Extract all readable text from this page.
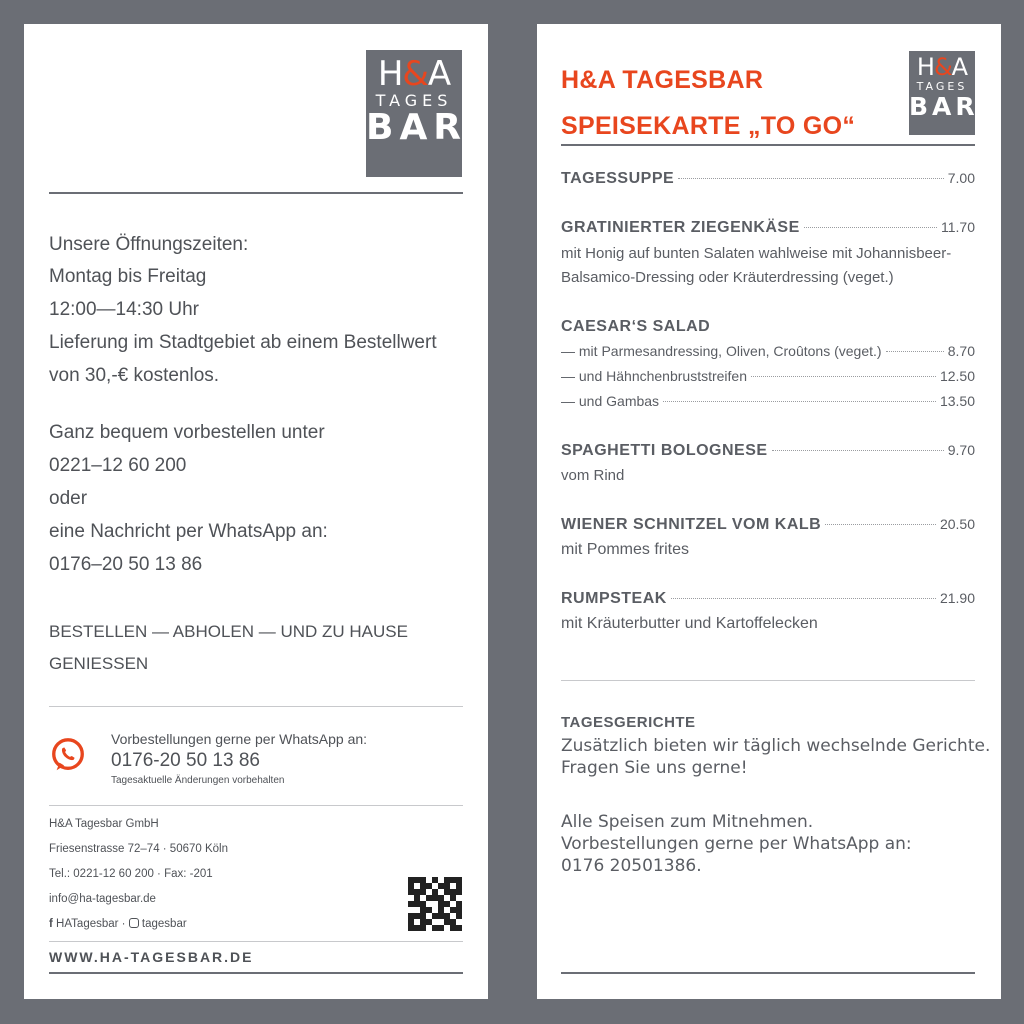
H&A
TAGES
BAR
Unsere Öffnungszeiten:
Montag bis Freitag
12:00—14:30 Uhr
Lieferung im Stadtgebiet ab einem Bestellwert
von 30,-€ kostenlos.
Ganz bequem vorbestellen unter
0221–12 60 200
oder
eine Nachricht per WhatsApp an:
0176–20 50 13 86
BESTELLEN — ABHOLEN — UND ZU HAUSE GENIESSEN
Vorbestellungen gerne per WhatsApp an:
0176-20 50 13 86
Tagesaktuelle Änderungen vorbehalten
H&A Tagesbar GmbH
Friesenstrasse 72–74 · 50670 Köln
Tel.: 0221-12 60 200 · Fax: -201
info@ha-tagesbar.de
f HATagesbar · tagesbar
WWW.HA-TAGESBAR.DE
H&A TAGESBAR
SPEISEKARTE „TO GO“
H&A
TAGES
BAR
TAGESSUPPE	7.00
GRATINIERTER ZIEGENKÄSE	11.70
mit Honig auf bunten Salaten wahlweise mit Johannisbeer-
Balsamico-Dressing oder Kräuterdressing (veget.)
CAESAR‘S SALAD
— mit Parmesandressing, Oliven, Croûtons (veget.)	8.70
— und Hähnchenbruststreifen	12.50
— und Gambas	13.50
SPAGHETTI BOLOGNESE	9.70
vom Rind
WIENER SCHNITZEL VOM KALB	20.50
mit Pommes frites
RUMPSTEAK	21.90
mit Kräuterbutter und Kartoffelecken
TAGESGERICHTE
Zusätzlich bieten wir täglich wechselnde Gerichte.
Fragen Sie uns gerne!
Alle Speisen zum Mitnehmen.
Vorbestellungen gerne per WhatsApp an:
0176 20501386.
